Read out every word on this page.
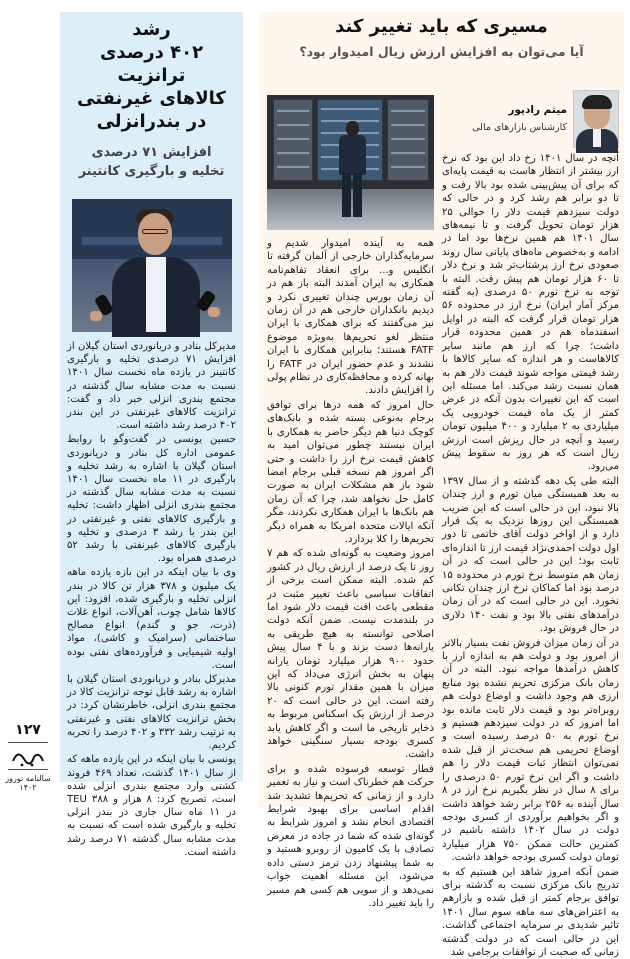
رشد
۴۰۲ درصدی
ترانزیت
کالاهای غیرنفتی
در بندرانزلی
افزایش ۷۱ درصدی
تخلیه و بارگیری کانتینر

مدیرکل بنادر و دریانوردی استان گیلان از افزایش ۷۱ درصدی تخلیه و بارگیری کانتینر در یازده ماه نخست سال ۱۴۰۱ نسبت به مدت مشابه سال گذشته در مجتمع بندری انزلی خبر داد و گفت: ترانزیت کالاهای غیرنفتی در این بندر ۴۰۲ درصد رشد داشته است.

حسین یونسی در گفت‌وگو با روابط عمومی اداره کل بنادر و دریانوردی استان گیلان با اشاره به رشد تخلیه و بارگیری در ۱۱ ماه نخست سال ۱۴۰۱ نسبت به مدت مشابه سال گذشته در مجتمع بندری انزلی اظهار داشت: تخلیه و بارگیری کالاهای نفتی و غیرنفتی در این بندر با رشد ۳ درصدی و تخلیه و بارگیری کالاهای غیرنفتی با رشد ۵۲ درصدی همراه بود.

وی با بیان اینکه در این بازه یازده ماهه یک میلیون و ۳۷۸ هزار تن کالا در بندر انزلی تخلیه و بارگیری شده، افزود: این کالاها شامل چوب، آهن‌آلات، انواع غلات (ذرت، جو و گندم) انواع مصالح ساختمانی (سرامیک و کاشی)، مواد اولیه شیمیایی و فرآورده‌های نفتی بوده است.

مدیرکل بنادر و دریانوردی استان گیلان با اشاره به رشد قابل توجه ترانزیت کالا در مجتمع بندری انزلی، خاطرنشان کرد: در بخش ترانزیت کالاهای نفتی و غیرنفتی به ترتیب رشد ۳۳۲ و ۴۰۲ درصد را تجربه کردیم.

یونسی با بیان اینکه در این یازده ماهه که از سال ۱۴۰۱ گذشت، تعداد ۴۶۹ فروند کشتی وارد مجتمع بندری انزلی شده است، تصریح کرد: ۸ هزار و ۳۸۸ TEU در ۱۱ ماه سال جاری در بندر انزلی تخلیه و بارگیری شده است که نسبت به مدت مشابه سال گذشته ۷۱ درصد رشد داشته است.

مسیری که باید تغییر کند
آیا می‌توان به افزایش ارزش ریال امیدوار بود؟
میثم رادپور
کارشناس بازارهای مالی

آنچه در سال ۱۴۰۱ رخ داد این بود که نرخ ارز بیشتر از انتظار هاست به قیمت پایه‌ای که برای آن پیش‌بینی شده بود بالا رفت و تا دو برابر هم رشد کرد و در حالی که دولت سیزدهم قیمت دلار را حوالی ۲۵ هزار تومان تحویل گرفت و تا نیمه‌های سال ۱۴۰۱ هم همین نرخ‌ها بود اما در ادامه و به‌خصوص ماه‌های پایانی سال روند صعودی نرخ ارز پرشتاب‌تر شد و نرخ دلار تا ۶۰ هزار تومان هم پیش رفت. البته با توجه به نرخ تورم ۵۰ درصدی (به گفته مرکز آمار ایران) نرخ ارز در محدوده ۵۶ هزار تومان قرار گرفت که البته در اوایل اسفندماه هم در همین محدوده قرار داشت؛ چرا که ارز هم مانند سایر کالاهاست و هر اندازه که سایر کالاها با رشد قیمتی مواجه شوند قیمت دلار هم به همان نسبت رشد می‌کند. اما مسئله این است که این تغییرات بدون آنکه در عرض کمتر از یک ماه قیمت خودرویی یک میلیاردی به ۲ میلیارد و ۴۰۰ میلیون تومان رسید و آنچه در حال ریزش است ارزش ریال است که هر روز به سقوط پیش می‌رود.

البته طی یک دهه گذشته و از سال ۱۳۹۷ به بعد همبستگی میان تورم و ارز چندان بالا نبود، این در حالی است که این ضریب همبستگی این روزها نزدیک به یک قرار دارد و از اواخر دولت آقای خاتمی تا دور اول دولت احمدی‌نژاد قیمت ارز تا اندازه‌ای ثابت بود؛ این در حالی است که در آن زمان هم متوسط نرخ تورم در محدوده ۱۵ درصد بود اما کماکان نرخ ارز چندان تکانی نخورد. این در حالی است که در آن زمان درآمدهای نفتی بالا بود و نفت ۱۴۰ دلاری در حال فروش بود.

در آن زمان میزان فروش نفت بسیار بالاتر از امروز بود و دولت هم به اندازه ارز با کاهش درآمدها مواجه نبود. البته در آن زمان بانک مرکزی تحریم نشده بود منابع ارزی هم وجود داشت و اوضاع دولت هم روبراه‌تر بود و قیمت دلار ثابت مانده بود اما امروز که در دولت سیزدهم هستیم و نرخ تورم به ۵۰ درصد رسیده است و اوضاع تحریمی هم سخت‌تر از قبل شده نمی‌توان انتظار ثبات قیمت دلار را هم داشت و اگر این نرخ تورم ۵۰ درصدی را برای ۸ سال در نظر بگیریم نرخ ارز در ۸ سال آینده به ۲۵۶ برابر رشد خواهد داشت و اگر بخواهیم برآوردی از کسری بودجه دولت در سال ۱۴۰۲ داشته باشیم در کمترین حالت ممکن ۷۵۰ هزار میلیارد تومان دولت کسری بودجه خواهد داشت.

ضمن آنکه امروز شاهد این هستیم که به تدریج بانک مرکزی نسبت به گذشته برای توافق برجام کمتر از قبل شده و بازارهم به اعتراض‌های سه ماهه سوم سال ۱۴۰۱ تاثیر شدیدی بر سرمایه اجتماعی گذاشت. این در حالی است که در دولت گذشته زمانی که صحبت از توافقات برجامی شد

همه به آینده امیدوار شدیم و سرمایه‌گذاران خارجی از آلمان گرفته تا انگلیس و... برای انعقاد تفاهم‌نامه همکاری به ایران آمدند البته باز هم در آن زمان بورس چندان تغییری نکرد و دیدیم بانکداران خارجی هم در آن زمان نیز می‌گفتند که برای همکاری با ایران منتظر لغو تحریم‌ها به‌ویژه موضوع FATF هستند؛ بنابراین همکاری با ایران نشدند و عدم حضور ایران در FATF را بهانه کرده و محافظه‌کاری در نظام پولی را افزایش دادند.

حال امروز که همه درها برای توافق برجام به‌نوعی بسته شده و بانک‌های کوچک دنیا هم دیگر حاضر به همکاری با ایران نیستند چطور می‌توان امید به کاهش قیمت نرخ ارز را داشت و حتی اگر امروز هم نسخه قبلی برجام امضا شود باز هم مشکلات ایران به صورت کامل حل نخواهد شد، چرا که آن زمان هم بانک‌ها با ایران همکاری نکردند، مگر آنکه ایالات متحده امریکا به همراه دیگر تحریم‌ها را کلا بردارد.

امروز وضعیت به گونه‌ای شده که هم ۷ روز تا یک درصد از ارزش ریال در کشور کم شده. البته ممکن است برخی از اتفاقات سیاسی باعث تغییر مثبت در مقطعی باعث افت قیمت دلار شود اما در بلندمدت نیست. ضمن آنکه دولت اصلاحی توانسته به هیچ طریقی به یارانه‌ها دست بزند و با ۴ سال پیش حدود ۹۰۰ هزار میلیارد تومان یارانه پنهان به بخش انرژی می‌داد که این میزان با همین مقدار تورم کنونی بالا رفته است. این در حالی است که ۲۰ درصد از ارزش یک اسکناس مربوط به ذخایر تاریخی ما است و اگر کاهش یابد کسری بودجه بسیار سنگینی خواهد داشت.

فطار توسعه فرسوده شده و برای حرکت هم خطرناک است و نیاز به تعمیر دارد و از زمانی که تحریم‌ها تشدید شد اقدام اساسی برای بهبود شرایط اقتصادی انجام نشد و امروز شرایط به گونه‌ای شده که شما در جاده در معرض تصادف با یک کامیون از روبرو هستید و به شما پیشنهاد زدن ترمز دستی داده می‌شود، این مسئله اهمیت جواب نمی‌دهد و از سویی هم کسی هم مسیر را باید تغییر داد.

۱۲۷
سالنامه نوروز ۱۴۰۲
